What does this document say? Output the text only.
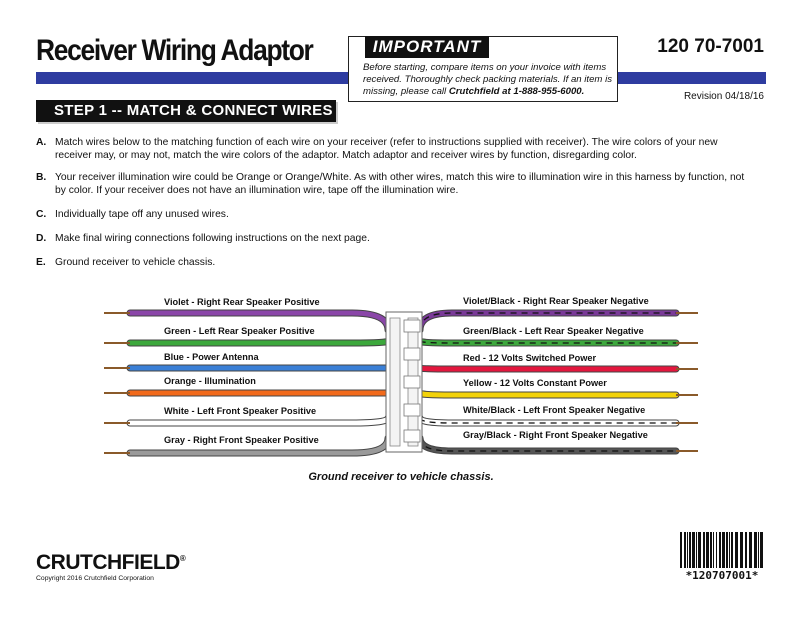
Receiver Wiring Adaptor	120 70-7001
IMPORTANT
Before starting, compare items on your invoice with items received. Thoroughly check packing materials. If an item is missing, please call Crutchfield at 1-888-955-6000.	Revision 04/18/16
STEP 1 -- MATCH & CONNECT WIRES
A. Match wires below to the matching function of each wire on your receiver (refer to instructions supplied with receiver). The wire colors of your new receiver may, or may not, match the wire colors of the adaptor. Match adaptor and receiver wires by function, disregarding color.
B. Your receiver illumination wire could be Orange or Orange/White. As with other wires, match this wire to illumination wire in this harness by function, not by color. If your receiver does not have an illumination wire, tape off the illumination wire.
C. Individually tape off any unused wires.
D. Make final wiring connections following instructions on the next page.
E. Ground receiver to vehicle chassis.
Violet - Right Rear Speaker Positive
Green - Left Rear Speaker Positive
Blue - Power Antenna
Orange - Illumination
White - Left Front Speaker Positive
Gray - Right Front Speaker Positive
Violet/Black - Right Rear Speaker Negative
Green/Black - Left Rear Speaker Negative
Red - 12 Volts Switched Power
Yellow - 12 Volts Constant Power
White/Black - Left Front Speaker Negative
Gray/Black - Right Front Speaker Negative
Ground receiver to vehicle chassis.
CRUTCHFIELD®
Copyright 2016 Crutchfield Corporation	*120707001*
